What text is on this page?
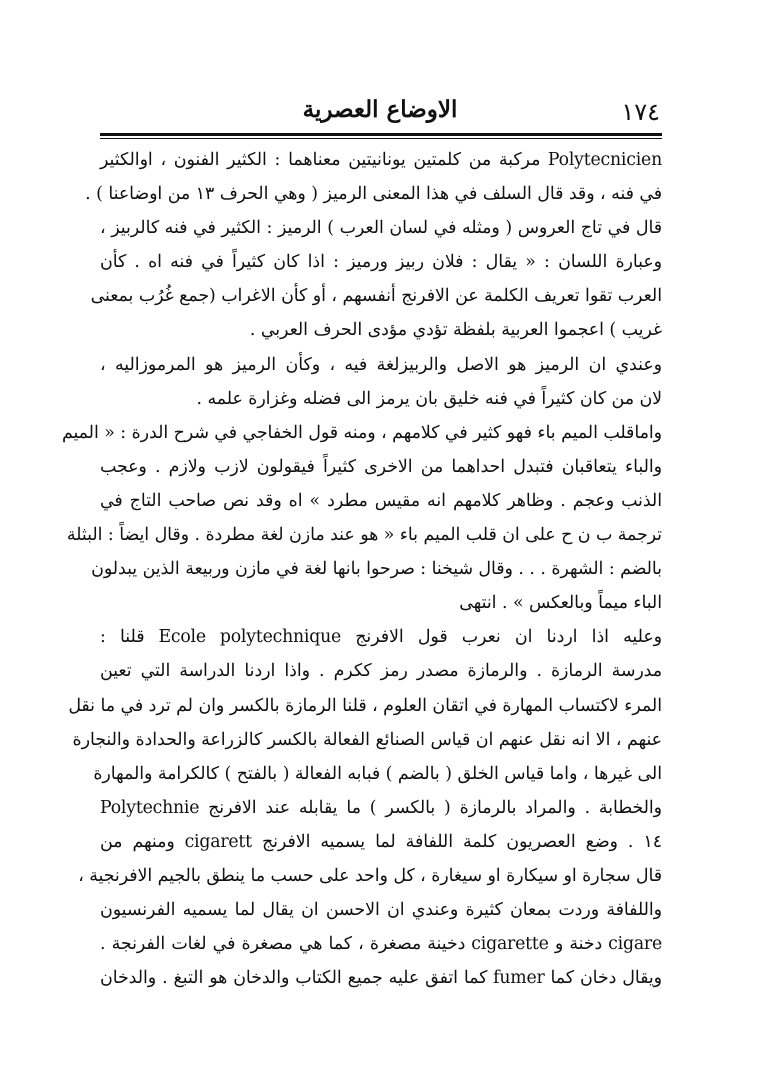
١٧٤
الاوضاع العصرية
Polytecnicien مركبة من كلمتين يونانيتين معناهما : الكثير الفنون ، اوالكثير
في فنه ، وقد قال السلف في هذا المعنى الرميز ( وهي الحرف ١٣ من اوضاعنا ) .
قال في تاج العروس ( ومثله في لسان العرب ) الرميز : الكثير في فنه كالربيز ،
وعبارة اللسان : « يقال : فلان ربيز ورميز : اذا كان كثيراً في فنه اه . كأن
العرب تقوا تعريف الكلمة عن الافرنج أنفسهم ، أو كأن الاغراب (جمع غُرُب بمعنى
غريب ) اعجموا العربية بلفظة تؤدي مؤدى الحرف العربي .
وعندي ان الرميز هو الاصل والربيزلغة فيه ، وكأن الرميز هو المرموزاليه ،
لان من كان كثيراً في فنه خليق بان يرمز الى فضله وغزارة علمه .
واماقلب الميم باء فهو كثير في كلامهم ، ومنه قول الخفاجي في شرح الدرة : « الميم
والباء يتعاقبان فتبدل احداهما من الاخرى كثيراً فيقولون لازب ولازم . وعجب
الذنب وعجم . وظاهر كلامهم انه مقيس مطرد » اه وقد نص صاحب التاج في
ترجمة ب ن ح على ان قلب الميم باء « هو عند مازن لغة مطردة . وقال ايضاً : البثلة
بالضم : الشهرة . . . وقال شيخنا : صرحوا بانها لغة في مازن وربيعة الذين يبدلون
الباء ميماً وبالعكس » . انتهى
وعليه اذا اردنا ان نعرب قول الافرنج Ecole polytechnique قلنا :
مدرسة الرمازة . والرمازة مصدر رمز ككرم . واذا اردنا الدراسة التي تعين
المرء لاكتساب المهارة في اتقان العلوم ، قلنا الرمازة بالكسر وان لم ترد في ما نقل
عنهم ، الا انه نقل عنهم ان قياس الصنائع الفعالة بالكسر كالزراعة والحدادة والنجارة
الى غيرها ، واما قياس الخلق ( بالضم ) فبابه الفعالة ( بالفتح ) كالكرامة والمهارة
والخطابة . والمراد بالرمازة ( بالكسر ) ما يقابله عند الافرنج Polytechnie
١٤ . وضع العصريون كلمة اللفافة لما يسميه الافرنج cigarett ومنهم من
قال سجارة او سيكارة او سيغارة ، كل واحد على حسب ما ينطق بالجيم الافرنجية ،
واللفافة وردت بمعان كثيرة وعندي ان الاحسن ان يقال لما يسميه الفرنسيون
cigare دخنة و cigarette دخينة مصغرة ، كما هي مصغرة في لغات الفرنجة .
ويقال دخان كما fumer كما اتفق عليه جميع الكتاب والدخان هو التبغ . والدخان
